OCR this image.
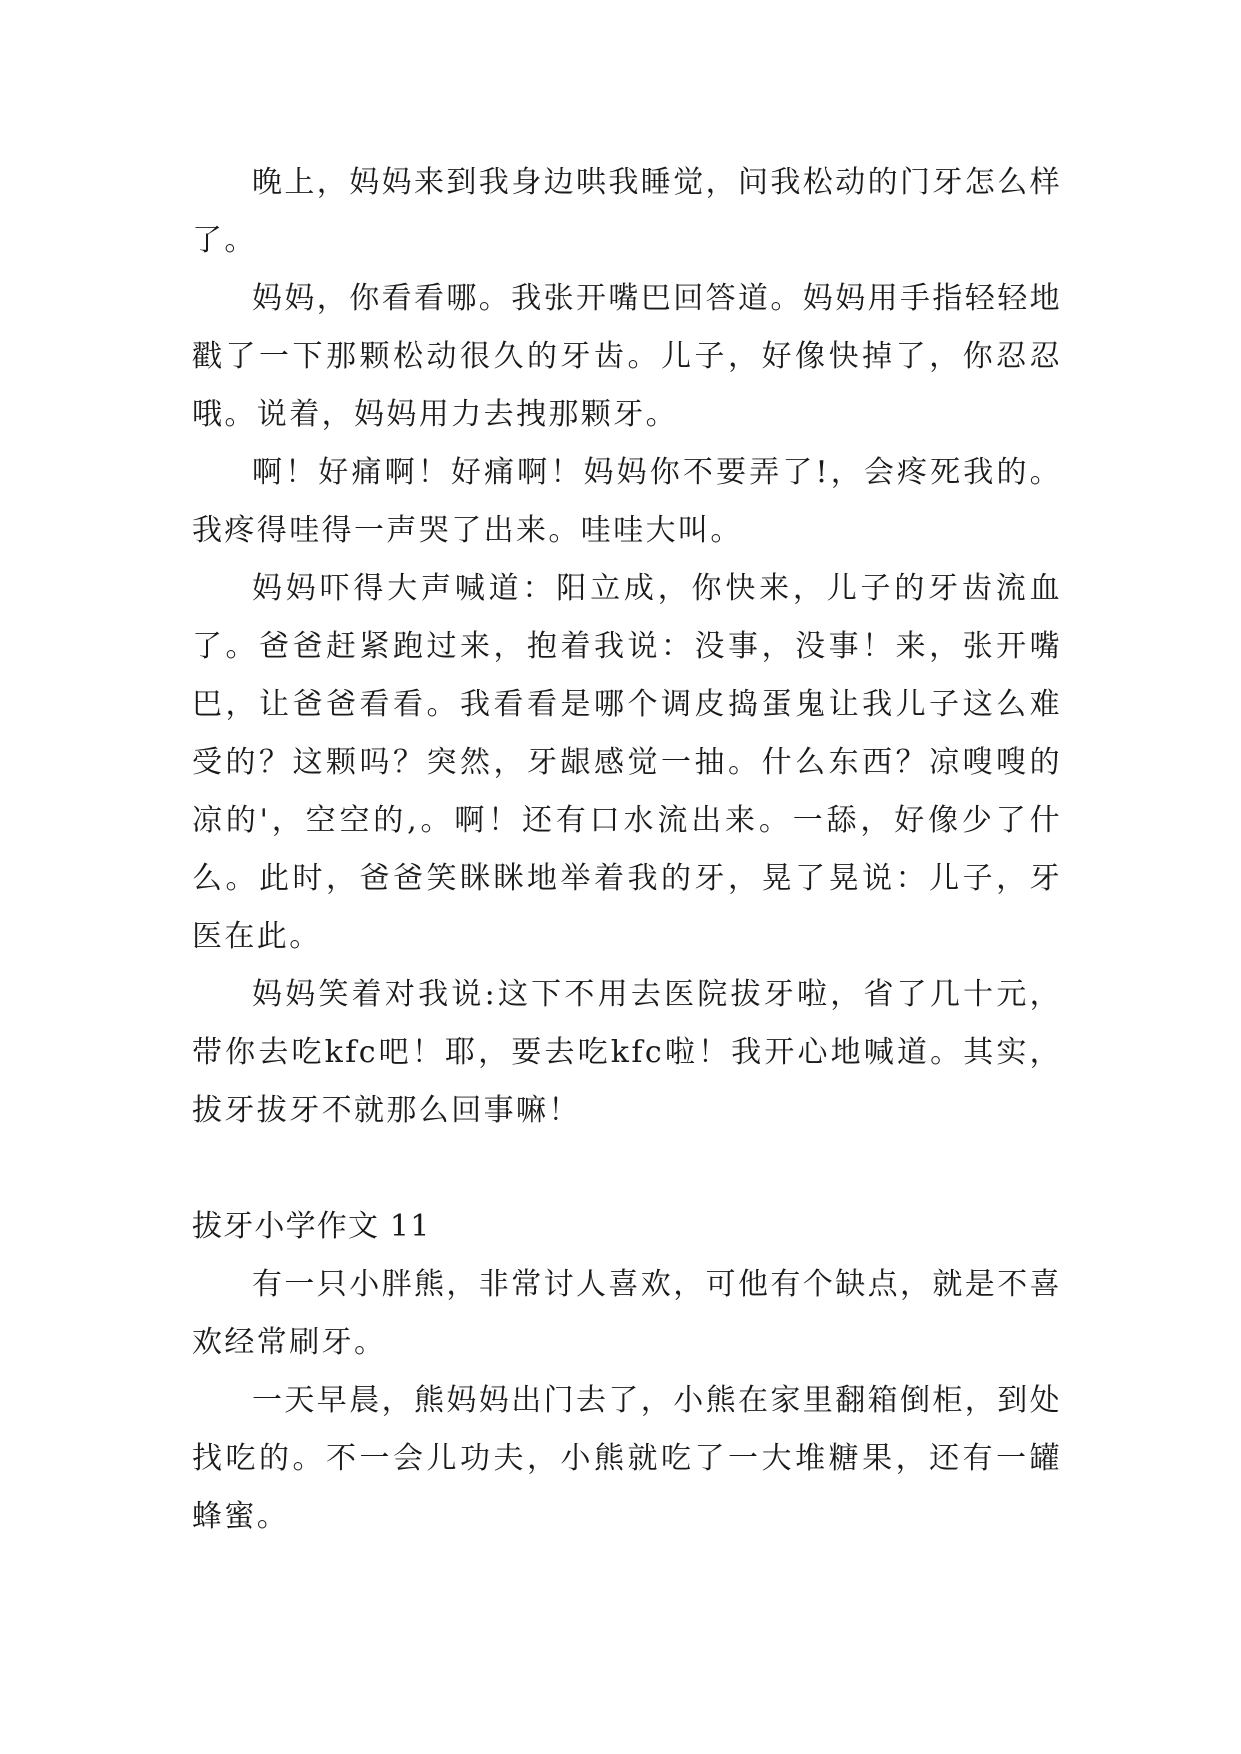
晚上，妈妈来到我身边哄我睡觉，问我松动的门牙怎么样了。

妈妈，你看看哪。我张开嘴巴回答道。妈妈用手指轻轻地戳了一下那颗松动很久的牙齿。儿子，好像快掉了，你忍忍哦。说着，妈妈用力去拽那颗牙。

啊！好痛啊！好痛啊！妈妈你不要弄了!，会疼死我的。我疼得哇得一声哭了出来。哇哇大叫。

妈妈吓得大声喊道：阳立成，你快来，儿子的牙齿流血了。爸爸赶紧跑过来，抱着我说：没事，没事！来，张开嘴巴，让爸爸看看。我看看是哪个调皮捣蛋鬼让我儿子这么难受的？这颗吗？突然，牙龈感觉一抽。什么东西？凉嗖嗖的凉的'，空空的,。啊！还有口水流出来。一舔，好像少了什么。此时，爸爸笑眯眯地举着我的牙，晃了晃说：儿子，牙医在此。

妈妈笑着对我说:这下不用去医院拔牙啦，省了几十元，带你去吃kfc吧！耶，要去吃kfc啦！我开心地喊道。其实，拔牙拔牙不就那么回事嘛！

拔牙小学作文 11

有一只小胖熊，非常讨人喜欢，可他有个缺点，就是不喜欢经常刷牙。

一天早晨，熊妈妈出门去了，小熊在家里翻箱倒柜，到处找吃的。不一会儿功夫，小熊就吃了一大堆糖果，还有一罐蜂蜜。
